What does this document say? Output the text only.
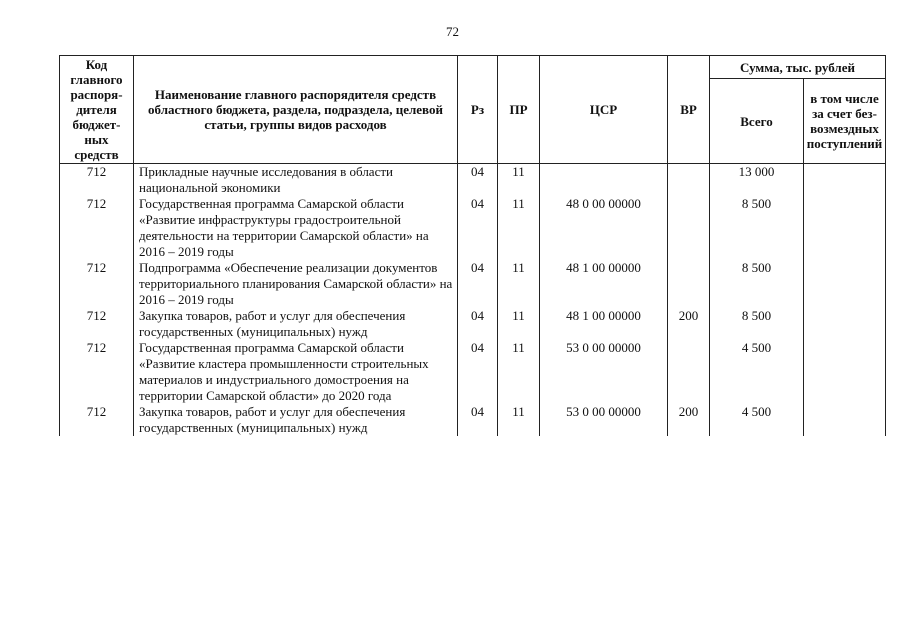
72
Код главного распоря-дителя бюджет-ных средств	Наименование главного распорядителя средств областного бюджета, раздела, подраздела, целевой статьи, группы видов расходов	Рз	ПР	ЦСР	ВР	Сумма, тыс. рублей	
						Всего	в том числе за счет без-возмездных поступлений
712	Прикладные научные исследования в области национальной экономики	04	11			13 000	
712	Государственная программа Самарской области «Развитие инфраструктуры градостроительной деятельности на территории Самарской области» на 2016 – 2019 годы	04	11	48 0 00 00000		8 500	
712	Подпрограмма «Обеспечение реализации документов территориального планирования Самарской области» на 2016 – 2019 годы	04	11	48 1 00 00000		8 500	
712	Закупка товаров, работ и услуг для обеспечения государственных (муниципальных) нужд	04	11	48 1 00 00000	200	8 500	
712	Государственная программа Самарской области «Развитие кластера промышленности строительных материалов и индустриального домостроения на территории Самарской области» до 2020 года	04	11	53 0 00 00000		4 500	
712	Закупка товаров, работ и услуг для обеспечения государственных (муниципальных) нужд	04	11	53 0 00 00000	200	4 500	
